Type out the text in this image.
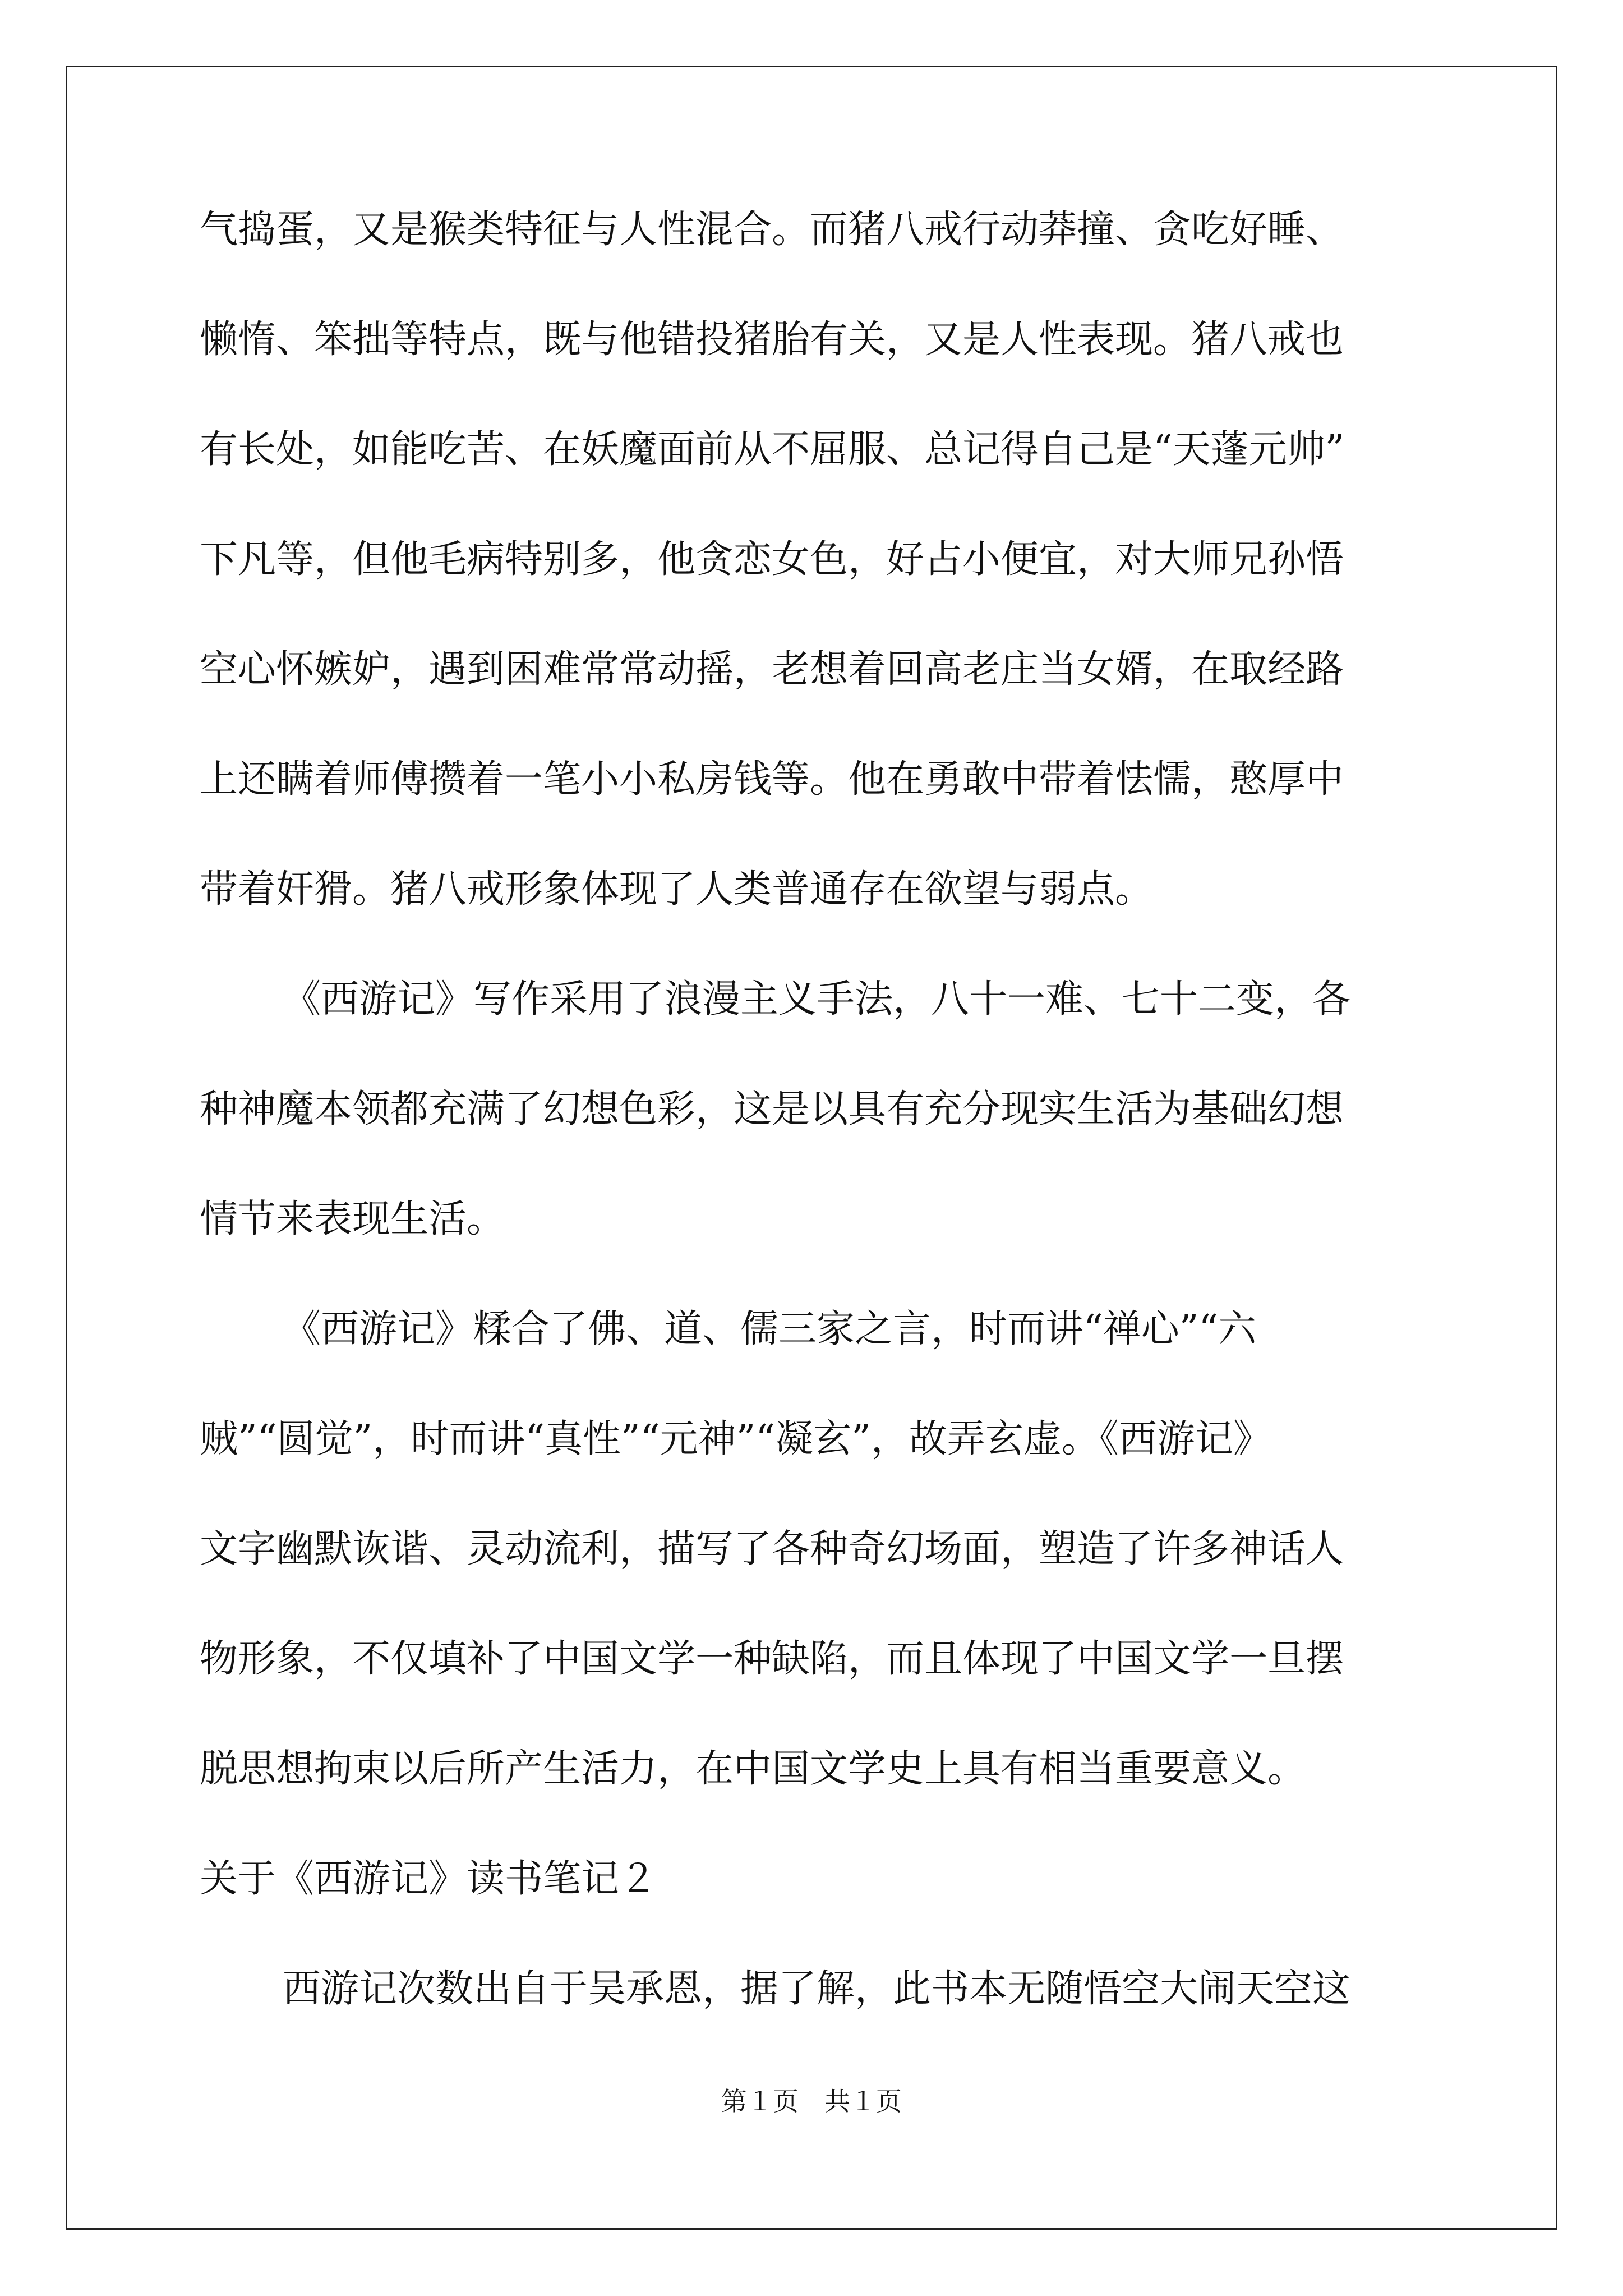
气捣蛋，又是猴类特征与人性混合。而猪八戒行动莽撞、贪吃好睡、
懒惰、笨拙等特点，既与他错投猪胎有关，又是人性表现。猪八戒也
有长处，如能吃苦、在妖魔面前从不屈服、总记得自己是“天蓬元帅”
下凡等，但他毛病特别多，他贪恋女色，好占小便宜，对大师兄孙悟
空心怀嫉妒，遇到困难常常动摇，老想着回高老庄当女婿，在取经路
上还瞒着师傅攒着一笔小小私房钱等。他在勇敢中带着怯懦，憨厚中
带着奸猾。猪八戒形象体现了人类普通存在欲望与弱点。
《西游记》写作采用了浪漫主义手法，八十一难、七十二变，各
种神魔本领都充满了幻想色彩，这是以具有充分现实生活为基础幻想
情节来表现生活。
《西游记》糅合了佛、道、儒三家之言，时而讲“禅心”“六
贼”“圆觉”，时而讲“真性”“元神”“凝玄”，故弄玄虚。《西游记》
文字幽默诙谐、灵动流利，描写了各种奇幻场面，塑造了许多神话人
物形象，不仅填补了中国文学一种缺陷，而且体现了中国文学一旦摆
脱思想拘束以后所产生活力，在中国文学史上具有相当重要意义。
关于《西游记》读书笔记２
西游记次数出自于吴承恩，据了解，此书本无随悟空大闹天空这
第１页　共１页
